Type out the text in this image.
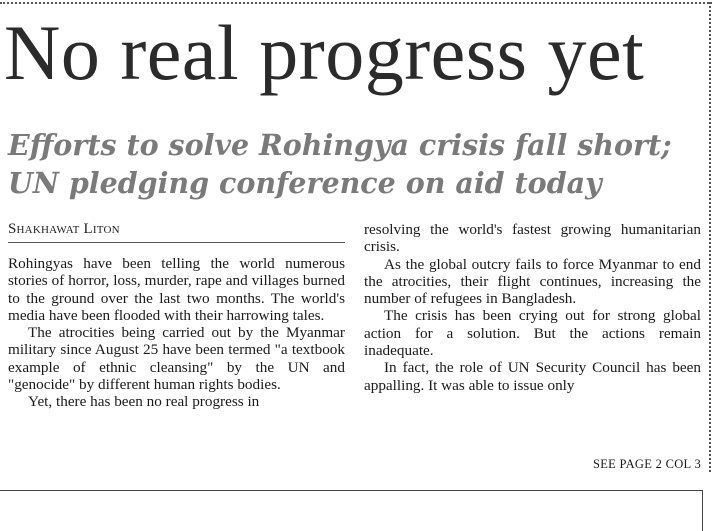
No real progress yet
Efforts to solve Rohingya crisis fall short;
UN pledging conference on aid today
Shakhawat Liton

Rohingyas have been telling the world numerous stories of horror, loss, murder, rape and villages burned to the ground over the last two months. The world's media have been flooded with their harrowing tales.

The atrocities being carried out by the Myanmar military since August 25 have been termed "a textbook example of ethnic cleansing" by the UN and "genocide" by different human rights bodies.

Yet, there has been no real progress in

resolving the world's fastest growing humanitarian crisis.

As the global outcry fails to force Myanmar to end the atrocities, their flight continues, increasing the number of refugees in Bangladesh.

The crisis has been crying out for strong global action for a solution. But the actions remain inadequate.

In fact, the role of UN Security Council has been appalling. It was able to issue only

SEE PAGE 2 COL 3
